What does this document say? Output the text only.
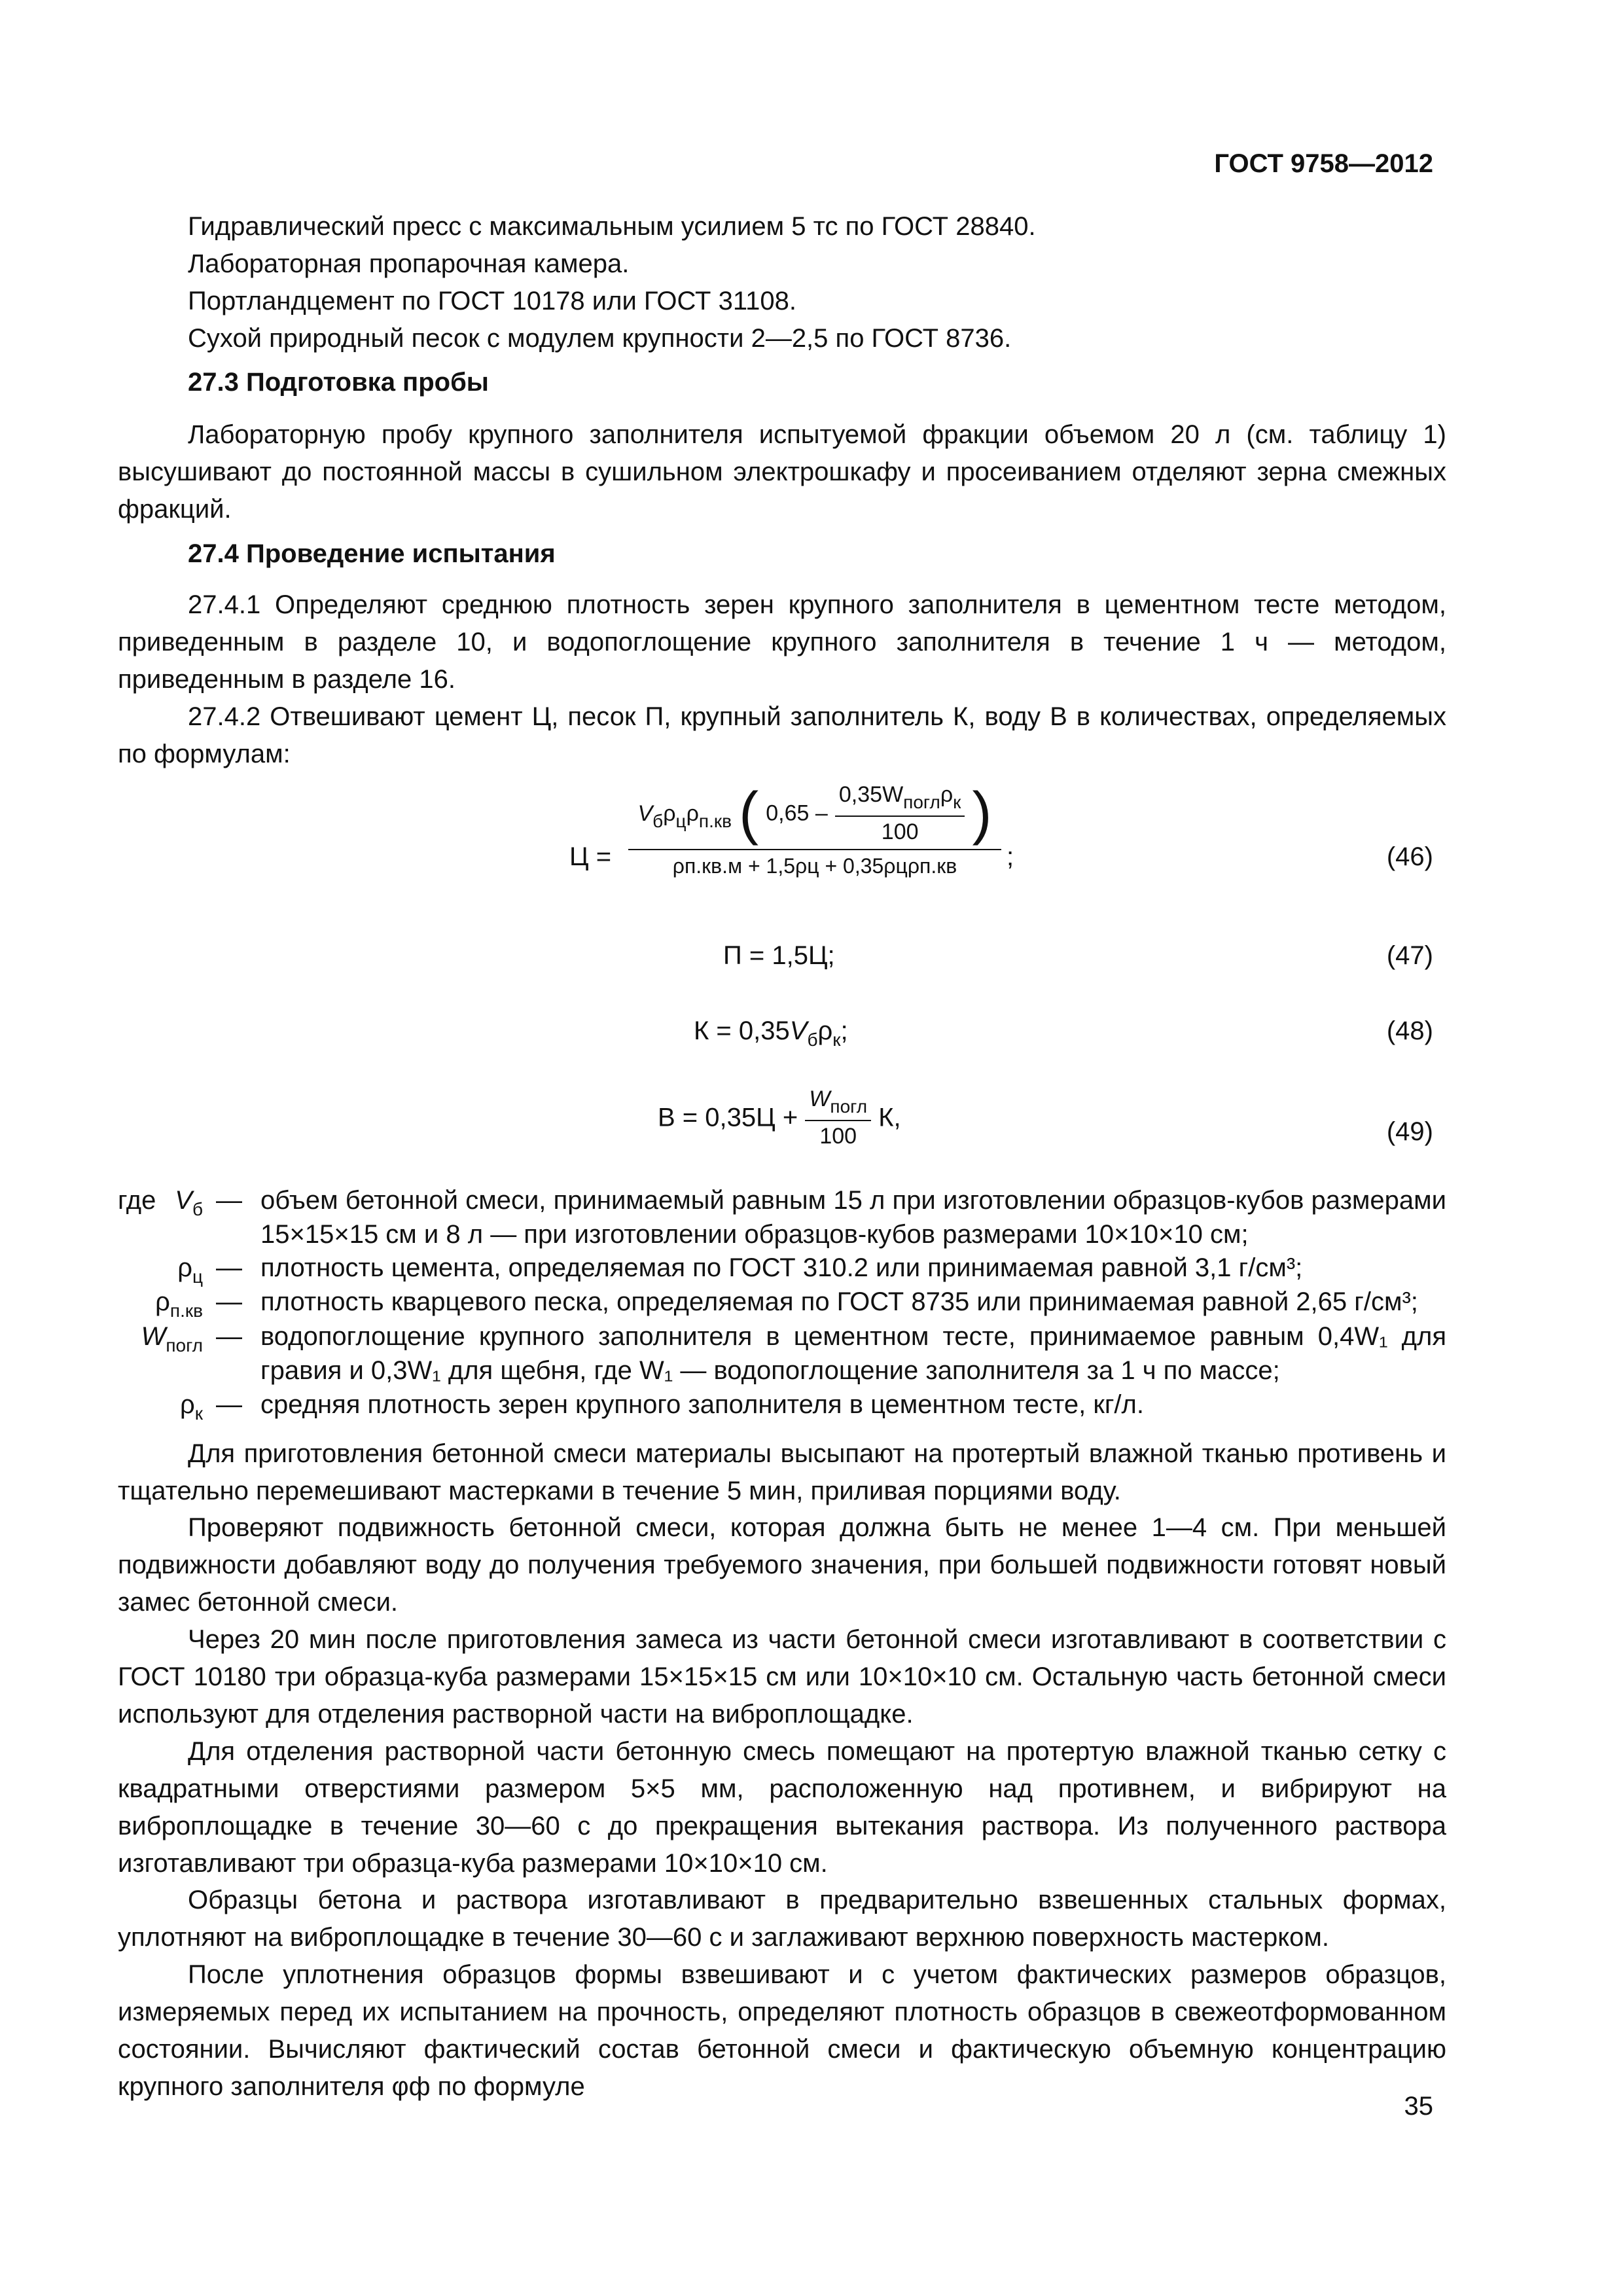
ГОСТ 9758—2012
Гидравлический пресс с максимальным усилием 5 тс по ГОСТ 28840.
Лабораторная пропарочная камера.
Портландцемент по ГОСТ 10178 или ГОСТ 31108.
Сухой природный песок с модулем крупности 2—2,5 по ГОСТ 8736.
27.3 Подготовка пробы
Лабораторную пробу крупного заполнителя испытуемой фракции объемом 20 л (см. таблицу 1) высушивают до постоянной массы в сушильном электрошкафу и просеиванием отделяют зерна смежных фракций.
27.4 Проведение испытания
27.4.1 Определяют среднюю плотность зерен крупного заполнителя в цементном тесте методом, приведенным в разделе 10, и водопоглощение крупного заполнителя в течение 1 ч — методом, приведенным в разделе 16.
27.4.2 Отвешивают цемент Ц, песок П, крупный заполнитель К, воду В в количествах, определяемых по формулам:
Ц =
$V_б\rho_ц\rho_{п.кв}$ ( $0,65 - \frac{0,35W_{погл}\rho_к}{100}$ )
ρп.кв.м + 1,5ρц + 0,35ρцρп.кв	;	(46)
П = 1,5Ц;	(47)
$К = 0,35V_б\rho_к$;	(48)
$В = 0,35Ц + \frac{W_{погл}}{100} К$,	(49)
где $V_б$ — объем бетонной смеси, принимаемый равным 15 л при изготовлении образцов-кубов размерами 15×15×15 см и 8 л — при изготовлении образцов-кубов размерами 10×10×10 см;
$\rho_ц$ — плотность цемента, определяемая по ГОСТ 310.2 или принимаемая равной 3,1 г/см³;
$\rho_{п.кв}$ — плотность кварцевого песка, определяемая по ГОСТ 8735 или принимаемая равной 2,65 г/см³;
$W_{погл}$ — водопоглощение крупного заполнителя в цементном тесте, принимаемое равным 0,4W₁ для гравия и 0,3W₁ для щебня, где W₁ — водопоглощение заполнителя за 1 ч по массе;
$\rho_к$ — средняя плотность зерен крупного заполнителя в цементном тесте, кг/л.
Для приготовления бетонной смеси материалы высыпают на протертый влажной тканью противень и тщательно перемешивают мастерками в течение 5 мин, приливая порциями воду.
Проверяют подвижность бетонной смеси, которая должна быть не менее 1—4 см. При меньшей подвижности добавляют воду до получения требуемого значения, при большей подвижности готовят новый замес бетонной смеси.
Через 20 мин после приготовления замеса из части бетонной смеси изготавливают в соответствии с ГОСТ 10180 три образца-куба размерами 15×15×15 см или 10×10×10 см. Остальную часть бетонной смеси используют для отделения растворной части на виброплощадке.
Для отделения растворной части бетонную смесь помещают на протертую влажной тканью сетку с квадратными отверстиями размером 5×5 мм, расположенную над противнем, и вибрируют на виброплощадке в течение 30—60 с до прекращения вытекания раствора. Из полученного раствора изготавливают три образца-куба размерами 10×10×10 см.
Образцы бетона и раствора изготавливают в предварительно взвешенных стальных формах, уплотняют на виброплощадке в течение 30—60 с и заглаживают верхнюю поверхность мастерком.
После уплотнения образцов формы взвешивают и с учетом фактических размеров образцов, измеряемых перед их испытанием на прочность, определяют плотность образцов в свежеотформованном состоянии. Вычисляют фактический состав бетонной смеси и фактическую объемную концентрацию крупного заполнителя φф по формуле
35
